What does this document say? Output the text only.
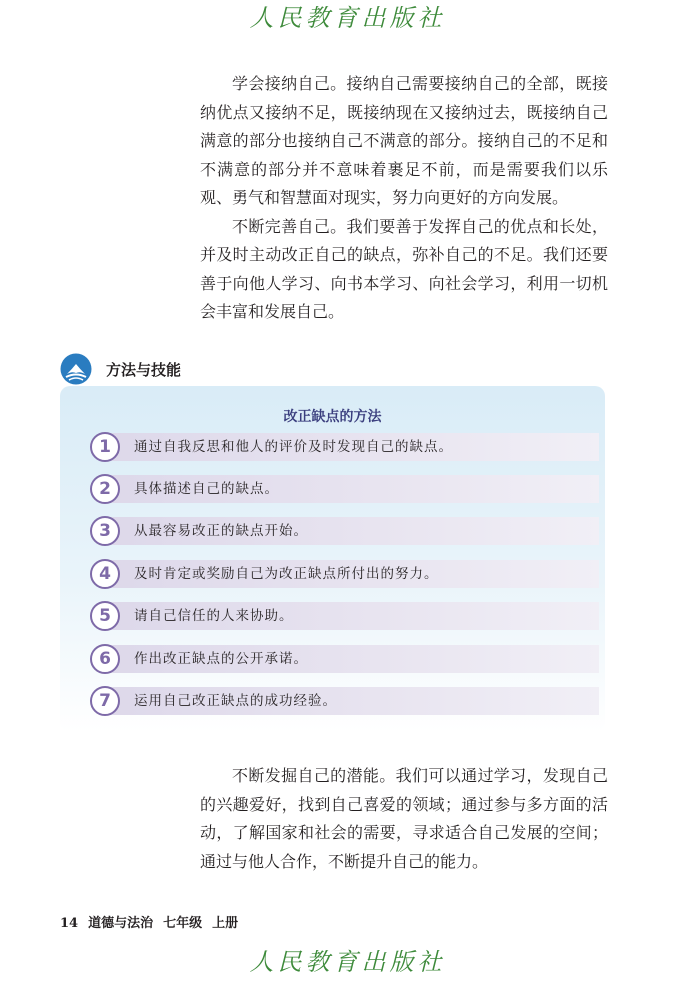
人民教育出版社

学会接纳自己。接纳自己需要接纳自己的全部，既接纳优点又接纳不足，既接纳现在又接纳过去，既接纳自己满意的部分也接纳自己不满意的部分。接纳自己的不足和不满意的部分并不意味着裹足不前，而是需要我们以乐观、勇气和智慧面对现实，努力向更好的方向发展。

不断完善自己。我们要善于发挥自己的优点和长处，并及时主动改正自己的缺点，弥补自己的不足。我们还要善于向他人学习、向书本学习、向社会学习，利用一切机会丰富和发展自己。

方法与技能
改正缺点的方法
1	通过自我反思和他人的评价及时发现自己的缺点。
2	具体描述自己的缺点。
3	从最容易改正的缺点开始。
4	及时肯定或奖励自己为改正缺点所付出的努力。
5	请自己信任的人来协助。
6	作出改正缺点的公开承诺。
7	运用自己改正缺点的成功经验。

不断发掘自己的潜能。我们可以通过学习，发现自己的兴趣爱好，找到自己喜爱的领域；通过参与多方面的活动，了解国家和社会的需要，寻求适合自己发展的空间；通过与他人合作，不断提升自己的能力。

14 道德与法治 七年级 上册
人民教育出版社
